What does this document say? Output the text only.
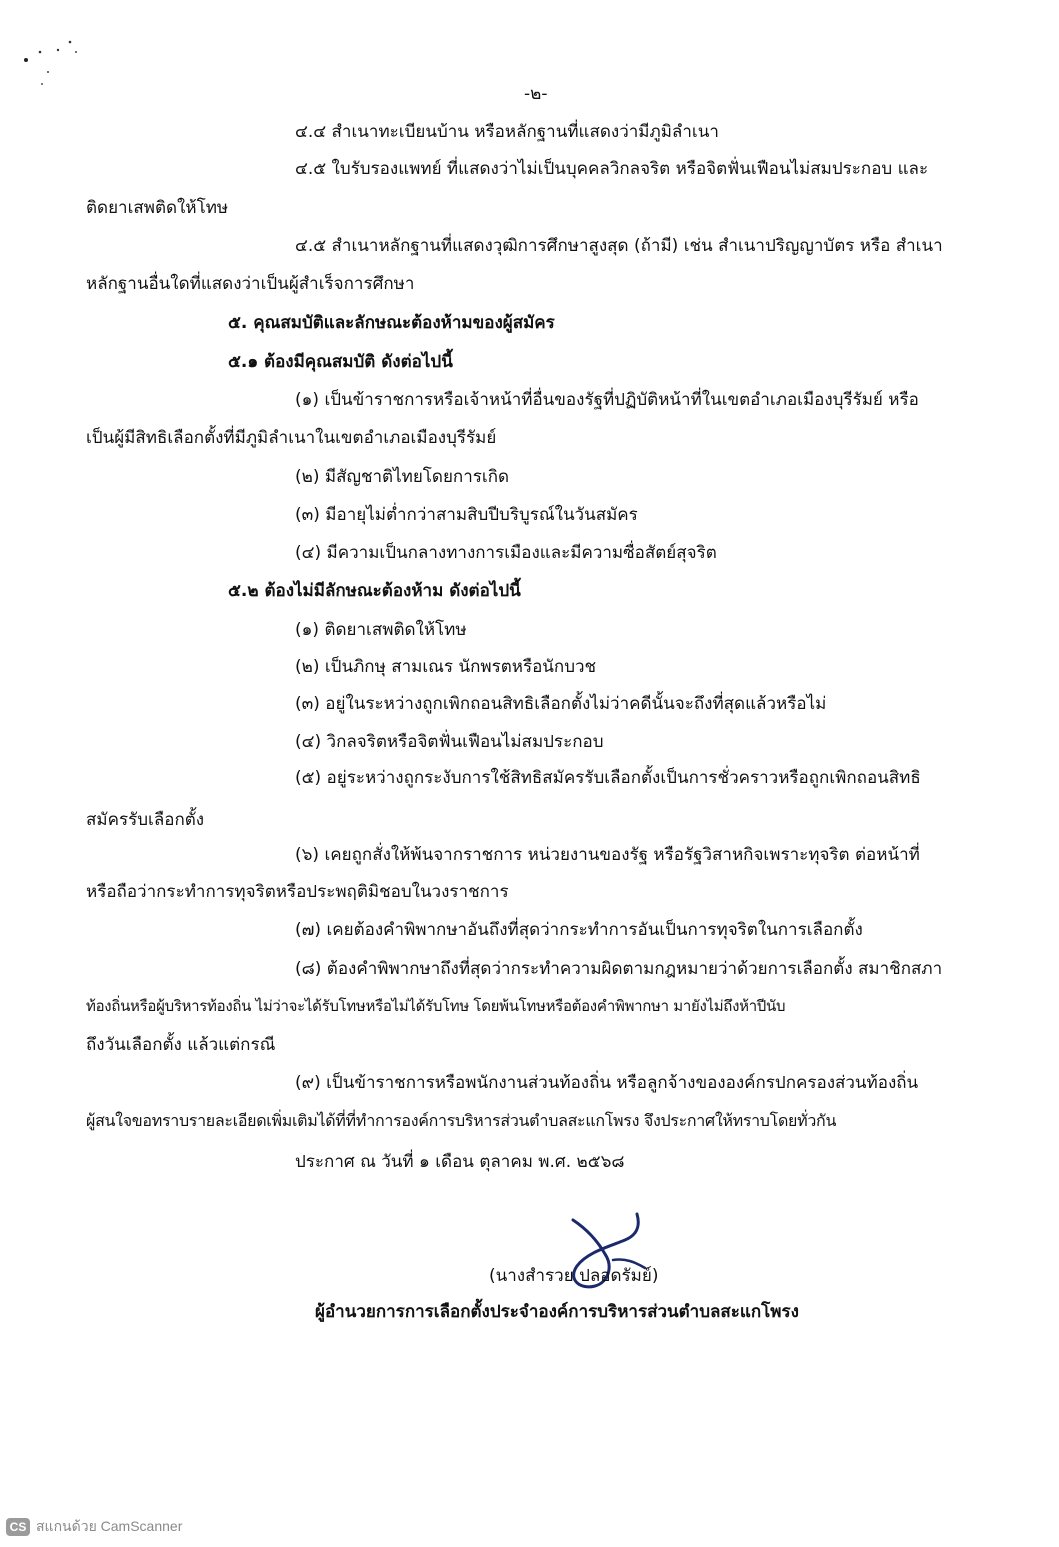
-๒-
๔.๔ สำเนาทะเบียนบ้าน หรือหลักฐานที่แสดงว่ามีภูมิลำเนา
๔.๕ ใบรับรองแพทย์ ที่แสดงว่าไม่เป็นบุคคลวิกลจริต หรือจิตฟั่นเฟือนไม่สมประกอบ และ
ติดยาเสพติดให้โทษ
๔.๕ สำเนาหลักฐานที่แสดงวุฒิการศึกษาสูงสุด (ถ้ามี) เช่น สำเนาปริญญาบัตร หรือ สำเนา
หลักฐานอื่นใดที่แสดงว่าเป็นผู้สำเร็จการศึกษา
๕. คุณสมบัติและลักษณะต้องห้ามของผู้สมัคร
๕.๑ ต้องมีคุณสมบัติ ดังต่อไปนี้
(๑) เป็นข้าราชการหรือเจ้าหน้าที่อื่นของรัฐที่ปฏิบัติหน้าที่ในเขตอำเภอเมืองบุรีรัมย์ หรือ
เป็นผู้มีสิทธิเลือกตั้งที่มีภูมิลำเนาในเขตอำเภอเมืองบุรีรัมย์
(๒) มีสัญชาติไทยโดยการเกิด
(๓) มีอายุไม่ต่ำกว่าสามสิบปีบริบูรณ์ในวันสมัคร
(๔) มีความเป็นกลางทางการเมืองและมีความซื่อสัตย์สุจริต
๕.๒ ต้องไม่มีลักษณะต้องห้าม ดังต่อไปนี้
(๑) ติดยาเสพติดให้โทษ
(๒) เป็นภิกษุ สามเณร นักพรตหรือนักบวช
(๓) อยู่ในระหว่างถูกเพิกถอนสิทธิเลือกตั้งไม่ว่าคดีนั้นจะถึงที่สุดแล้วหรือไม่
(๔) วิกลจริตหรือจิตฟั่นเฟือนไม่สมประกอบ
(๕) อยู่ระหว่างถูกระงับการใช้สิทธิสมัครรับเลือกตั้งเป็นการชั่วคราวหรือถูกเพิกถอนสิทธิ
สมัครรับเลือกตั้ง
(๖) เคยถูกสั่งให้พ้นจากราชการ หน่วยงานของรัฐ หรือรัฐวิสาหกิจเพราะทุจริต ต่อหน้าที่
หรือถือว่ากระทำการทุจริตหรือประพฤติมิชอบในวงราชการ
(๗) เคยต้องคำพิพากษาอันถึงที่สุดว่ากระทำการอันเป็นการทุจริตในการเลือกตั้ง
(๘) ต้องคำพิพากษาถึงที่สุดว่ากระทำความผิดตามกฎหมายว่าด้วยการเลือกตั้ง สมาชิกสภา
ท้องถิ่นหรือผู้บริหารท้องถิ่น ไม่ว่าจะได้รับโทษหรือไม่ได้รับโทษ โดยพ้นโทษหรือต้องคำพิพากษา มายังไม่ถึงห้าปีนับ
ถึงวันเลือกตั้ง แล้วแต่กรณี
(๙) เป็นข้าราชการหรือพนักงานส่วนท้องถิ่น หรือลูกจ้างขององค์กรปกครองส่วนท้องถิ่น
ผู้สนใจขอทราบรายละเอียดเพิ่มเติมได้ที่ที่ทำการองค์การบริหารส่วนตำบลสะแกโพรง จึงประกาศให้ทราบโดยทั่วกัน
ประกาศ ณ วันที่ ๑ เดือน ตุลาคม พ.ศ. ๒๕๖๘
(นางสำรวย ปลอดรัมย์)
ผู้อำนวยการการเลือกตั้งประจำองค์การบริหารส่วนตำบลสะแกโพรง
CS สแกนด้วย CamScanner
